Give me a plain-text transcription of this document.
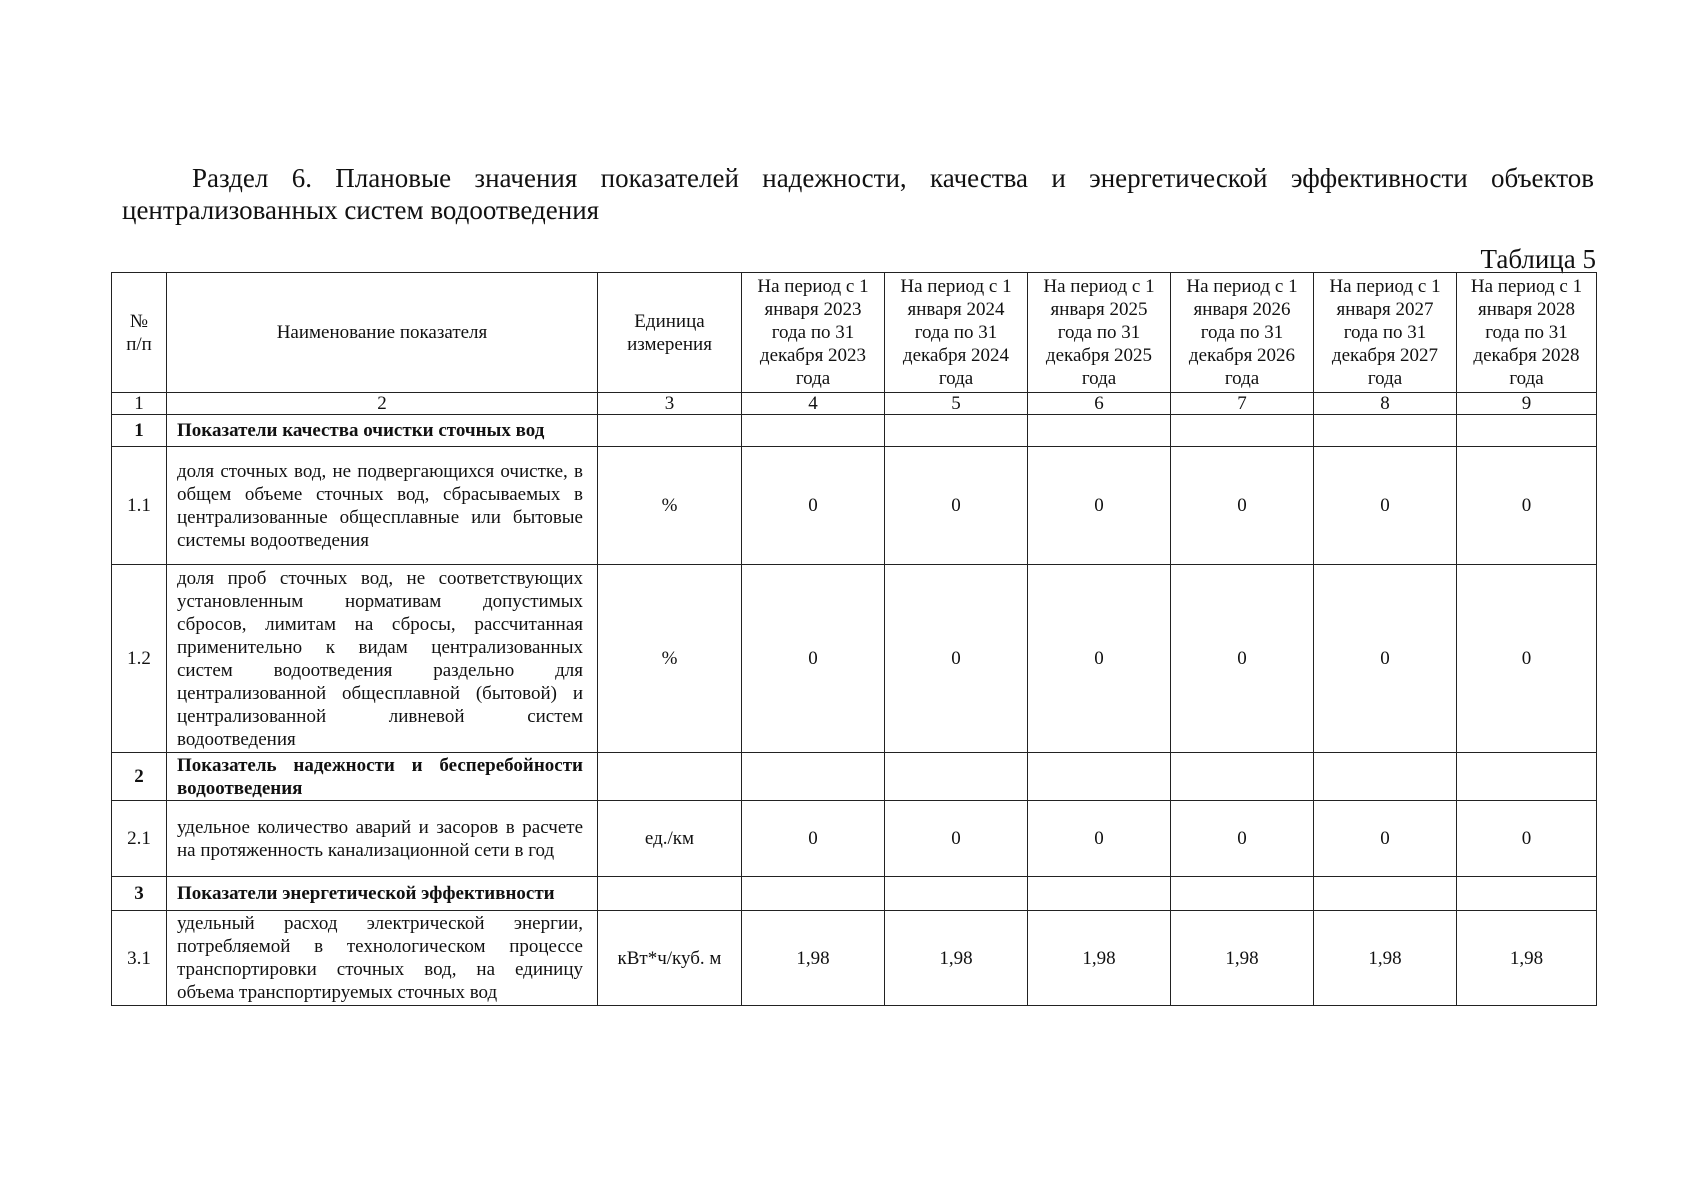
Раздел 6. Плановые значения показателей надежности, качества и энергетической эффективности объектов централизованных систем водоотведения
Таблица 5
№ п/п	Наименование показателя	Единица измерения	На период с 1 января 2023 года по 31 декабря 2023 года	На период с 1 января 2024 года по 31 декабря 2024 года	На период с 1 января 2025 года по 31 декабря 2025 года	На период с 1 января 2026 года по 31 декабря 2026 года	На период с 1 января 2027 года по 31 декабря 2027 года	На период с 1 января 2028 года по 31 декабря 2028 года
1	2	3	4	5	6	7	8	9
1	Показатели качества очистки сточных вод							
1.1	доля сточных вод, не подвергающихся очистке, в общем объеме сточных вод, сбрасываемых в централизованные общесплавные или бытовые системы водоотведения	%	0	0	0	0	0	0
1.2	доля проб сточных вод, не соответствующих установленным нормативам допустимых сбросов, лимитам на сбросы, рассчитанная применительно к видам централизованных систем водоотведения раздельно для централизованной общесплавной (бытовой) и централизованной ливневой систем водоотведения	%	0	0	0	0	0	0
2	Показатель надежности и бесперебойности водоотведения							
2.1	удельное количество аварий и засоров в расчете на протяженность канализационной сети в год	ед./км	0	0	0	0	0	0
3	Показатели энергетической эффективности							
3.1	удельный расход электрической энергии, потребляемой в технологическом процессе транспортировки сточных вод, на единицу объема транспортируемых сточных вод	кВт*ч/куб. м	1,98	1,98	1,98	1,98	1,98	1,98
